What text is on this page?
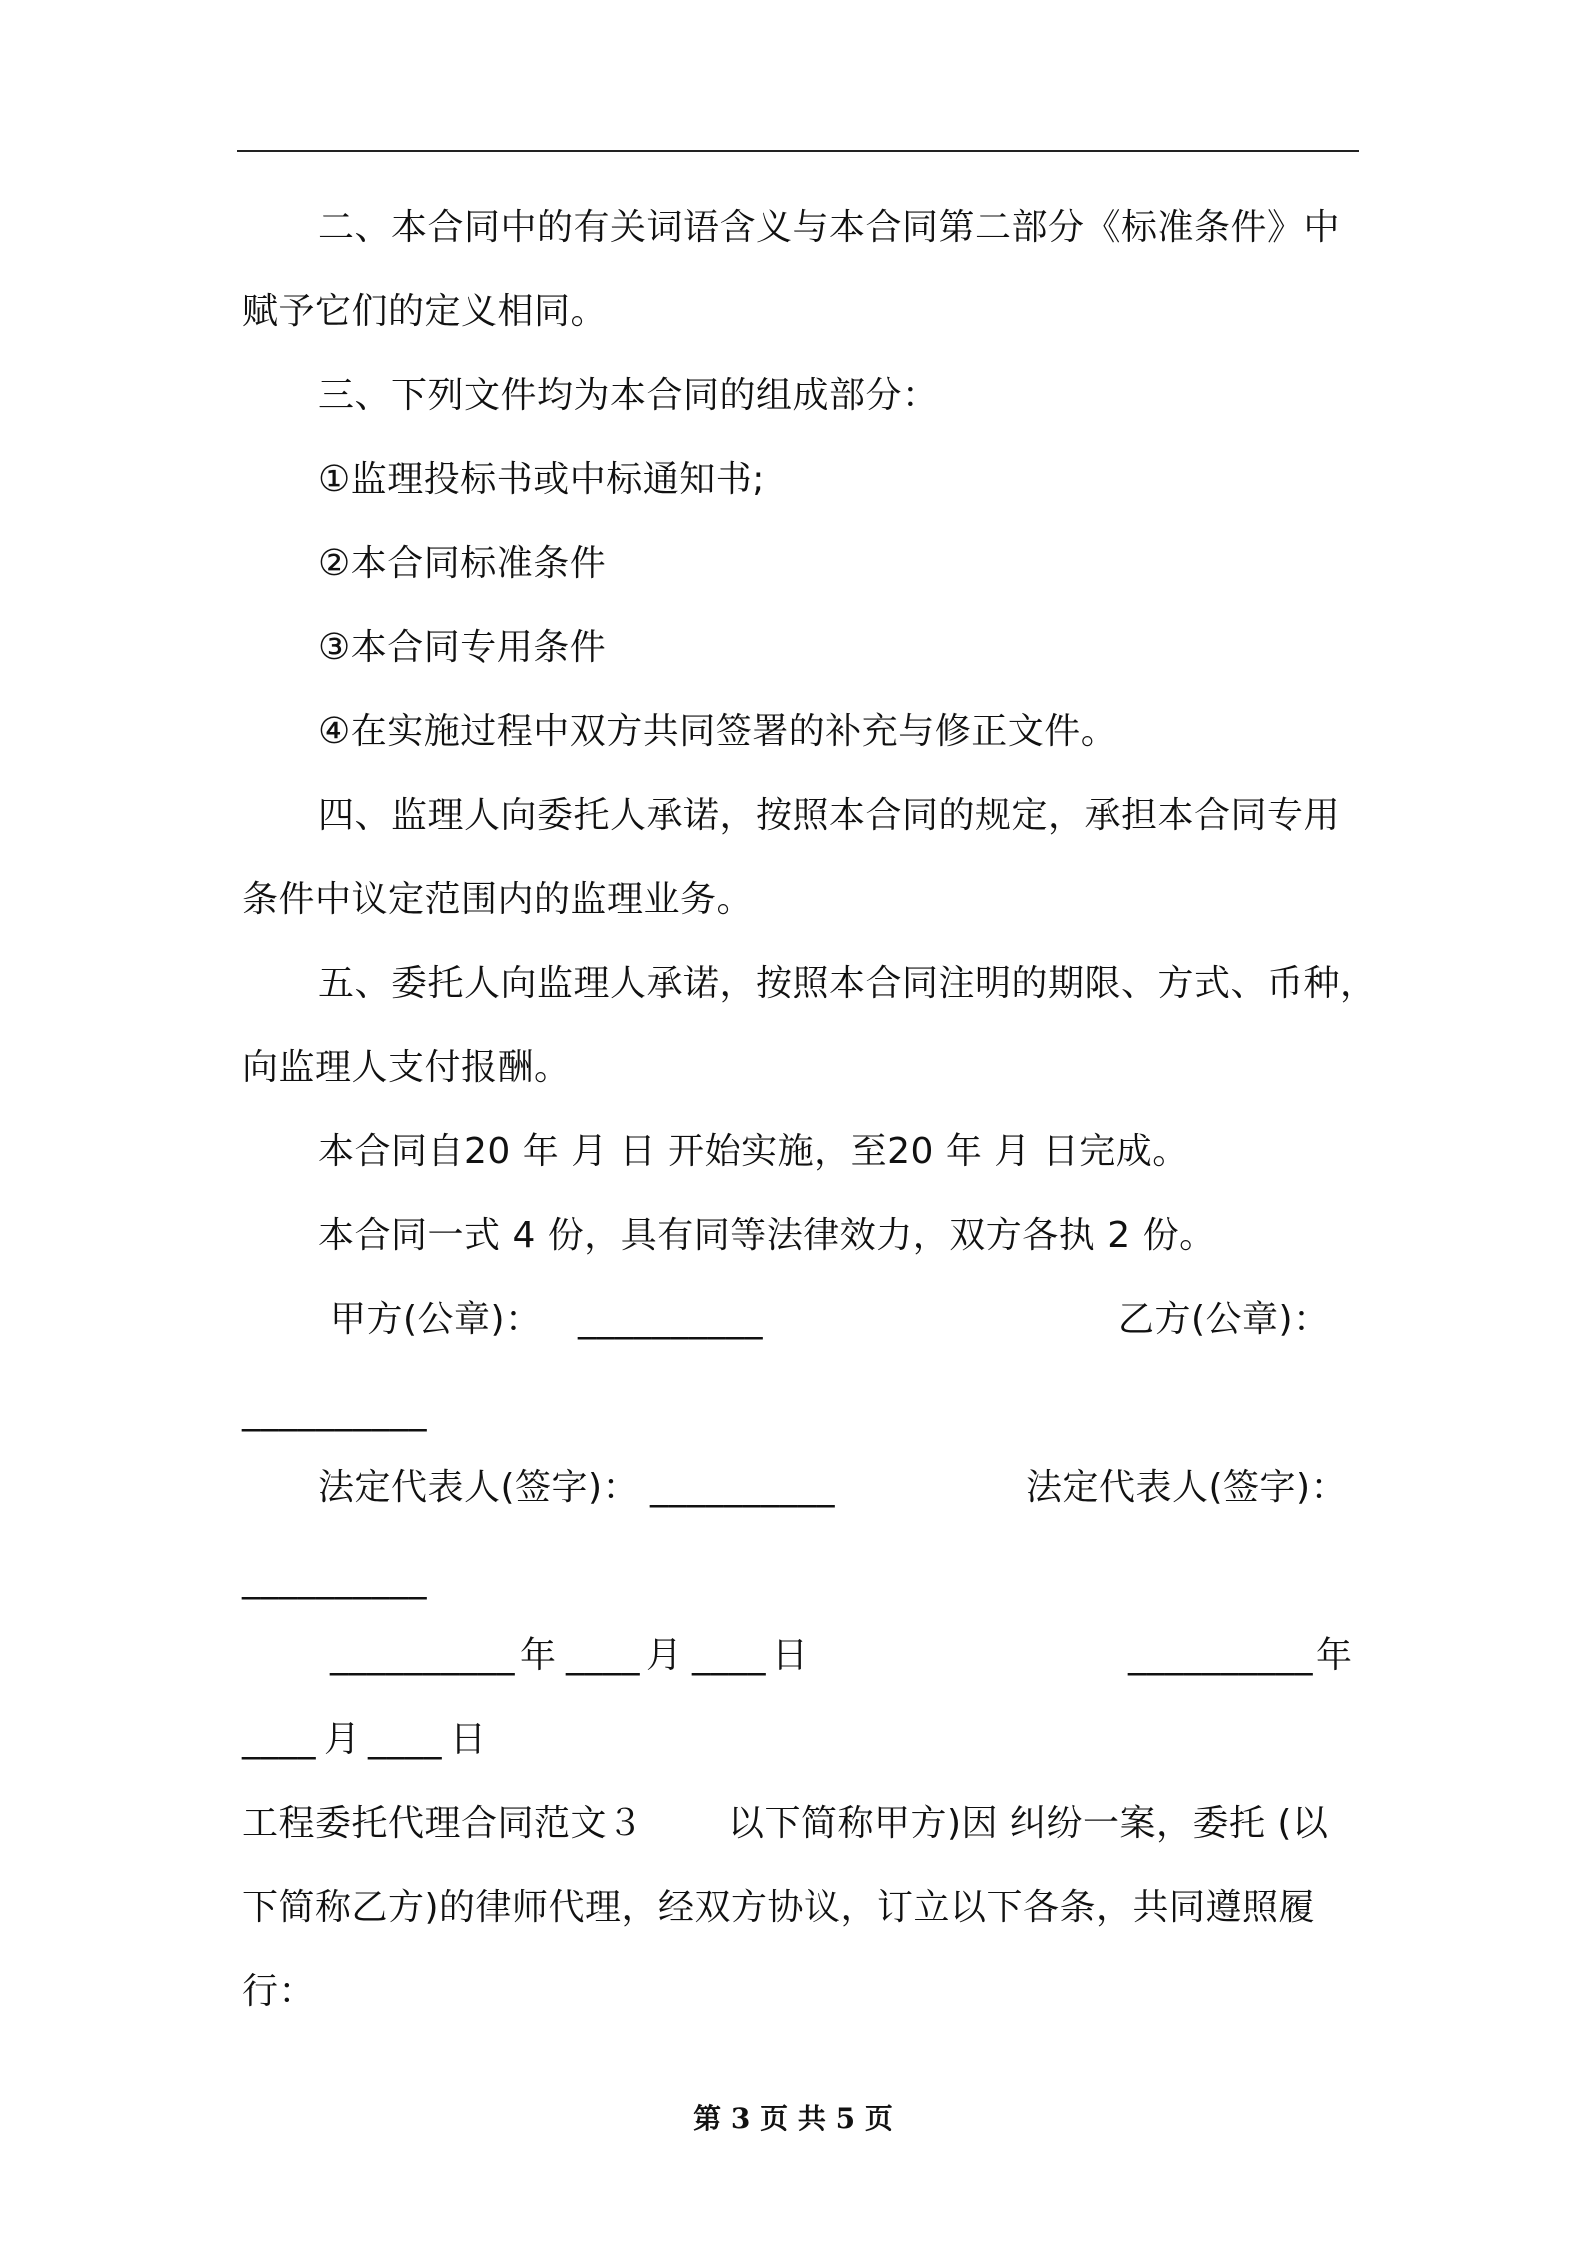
二、本合同中的有关词语含义与本合同第二部分《标准条件》中
赋予它们的定义相同。
三、下列文件均为本合同的组成部分：
①监理投标书或中标通知书;
②本合同标准条件
③本合同专用条件
④在实施过程中双方共同签署的补充与修正文件。
四、监理人向委托人承诺，按照本合同的规定，承担本合同专用
条件中议定范围内的监理业务。
五、委托人向监理人承诺，按照本合同注明的期限、方式、币种，
向监理人支付报酬。
本合同自20 年 月 日 开始实施，至20 年 月 日完成。
本合同一式 4 份，具有同等法律效力，双方各执 2 份。
甲方(公章)： __________	乙方(公章)：
__________
法定代表人(签字)： __________	法定代表人(签字)：
__________
__________ 年 ____ 月 ____ 日	__________ 年
____ 月 ____ 日
工程委托代理合同范文３ 以下简称甲方)因 纠纷一案，委托 (以
下简称乙方)的律师代理，经双方协议，订立以下各条，共同遵照履
行：
第 3 页 共 5 页
